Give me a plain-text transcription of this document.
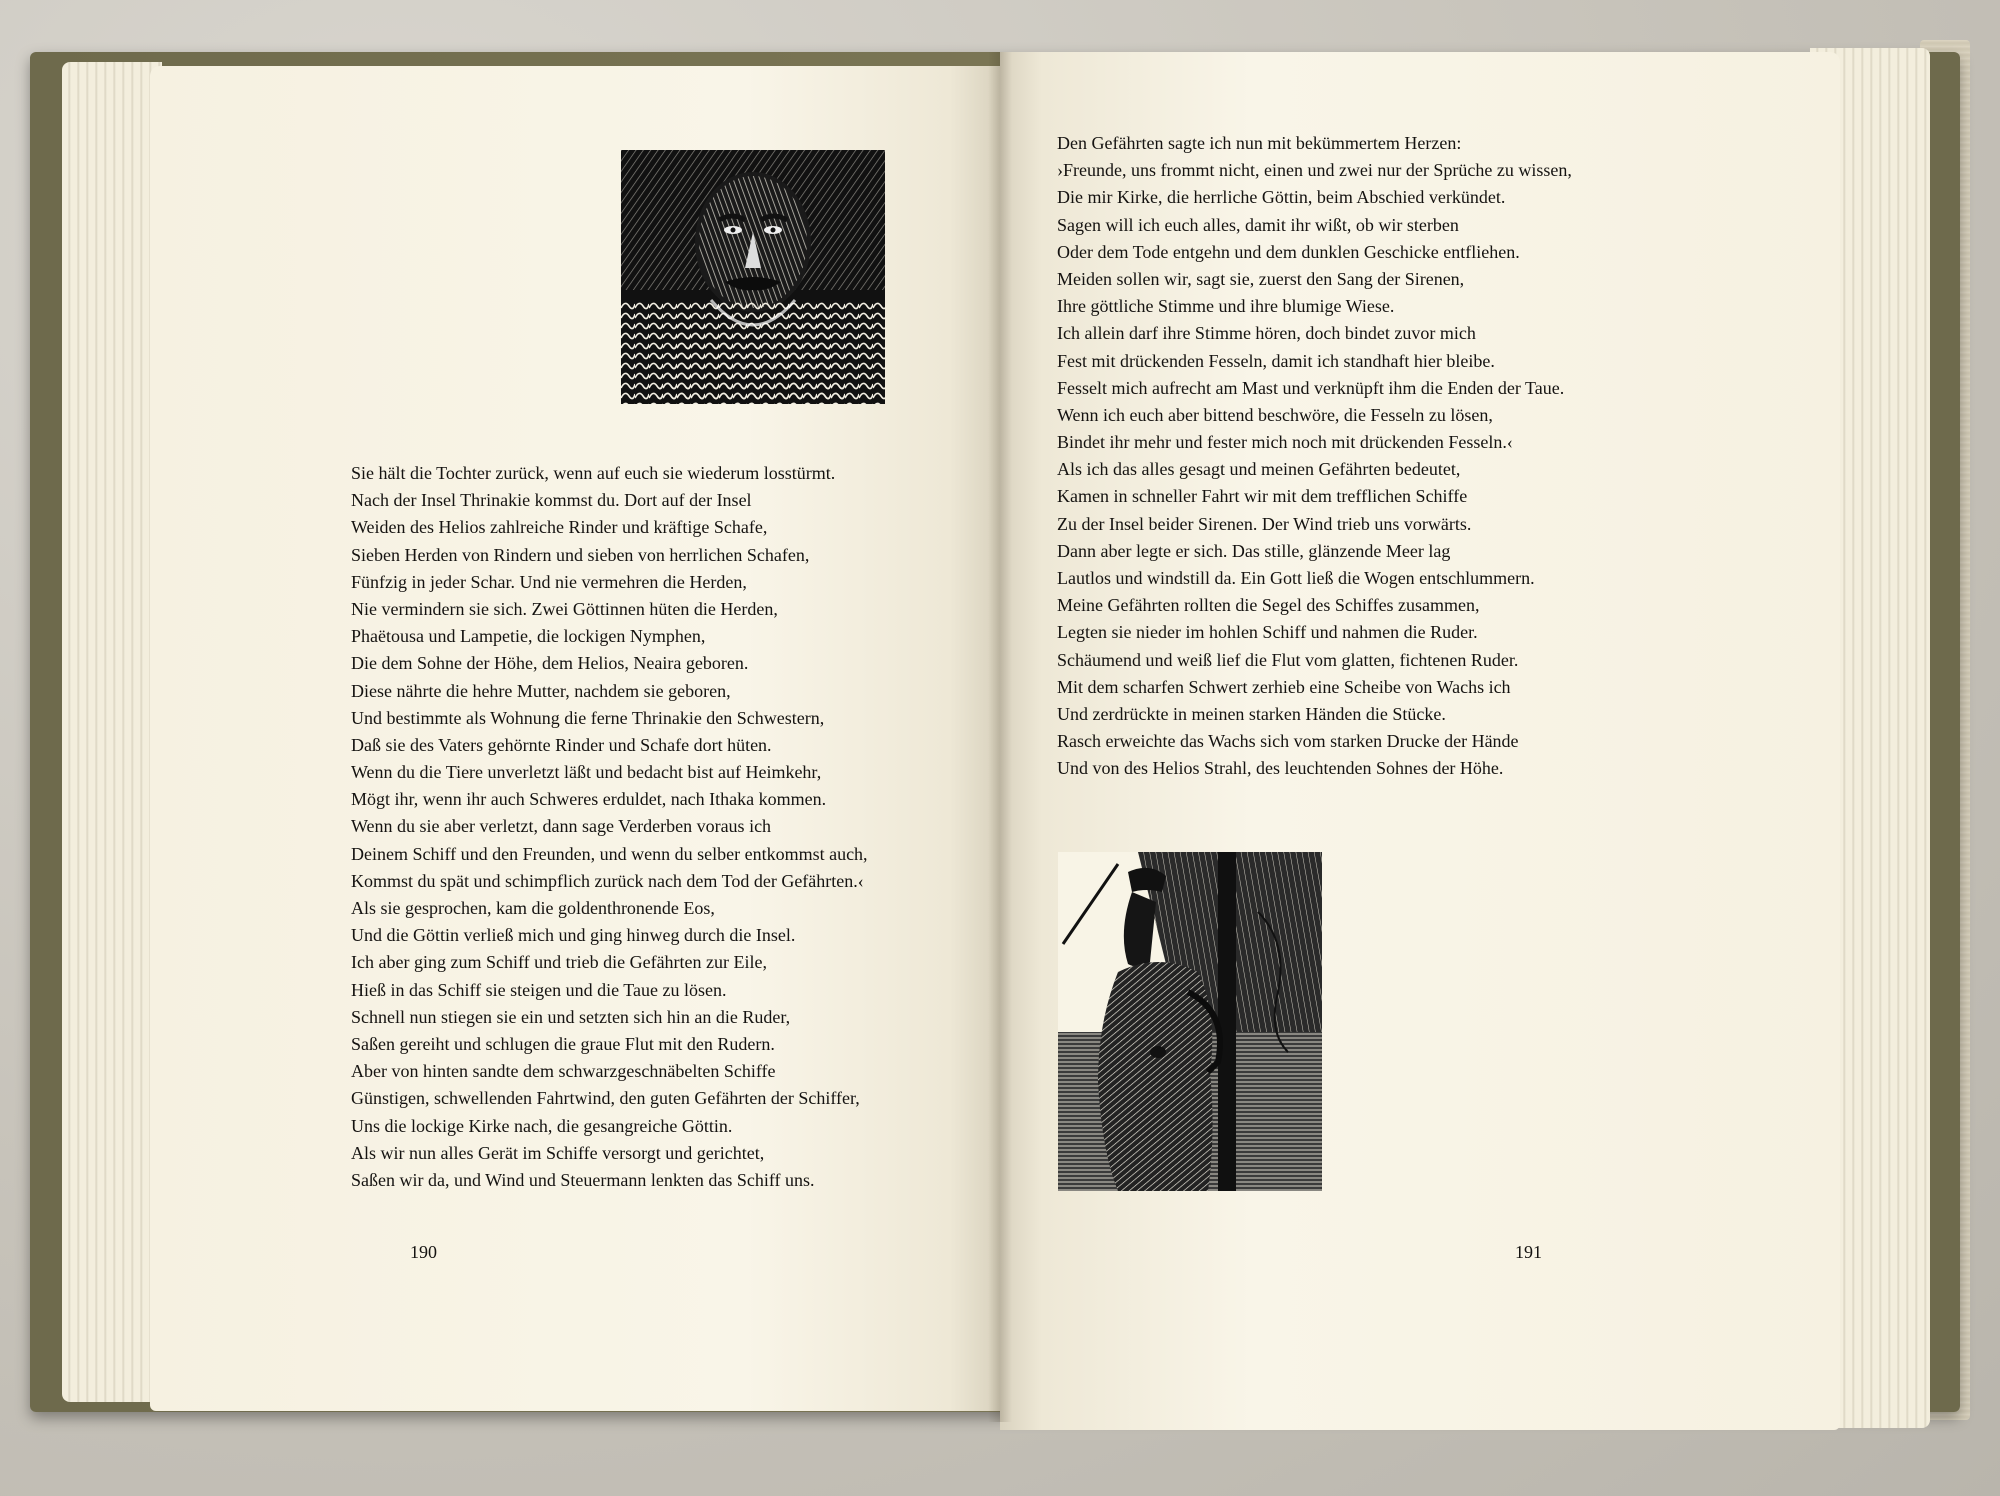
Sie hält die Tochter zurück, wenn auf euch sie wiederum losstürmt.
Nach der Insel Thrinakie kommst du. Dort auf der Insel
Weiden des Helios zahlreiche Rinder und kräftige Schafe,
Sieben Herden von Rindern und sieben von herrlichen Schafen,
Fünfzig in jeder Schar. Und nie vermehren die Herden,
Nie vermindern sie sich. Zwei Göttinnen hüten die Herden,
Phaëtousa und Lampetie, die lockigen Nymphen,
Die dem Sohne der Höhe, dem Helios, Neaira geboren.
Diese nährte die hehre Mutter, nachdem sie geboren,
Und bestimmte als Wohnung die ferne Thrinakie den Schwestern,
Daß sie des Vaters gehörnte Rinder und Schafe dort hüten.
Wenn du die Tiere unverletzt läßt und bedacht bist auf Heimkehr,
Mögt ihr, wenn ihr auch Schweres erduldet, nach Ithaka kommen.
Wenn du sie aber verletzt, dann sage Verderben voraus ich
Deinem Schiff und den Freunden, und wenn du selber entkommst auch,
Kommst du spät und schimpflich zurück nach dem Tod der Gefährten.‹
Als sie gesprochen, kam die goldenthronende Eos,
Und die Göttin verließ mich und ging hinweg durch die Insel.
Ich aber ging zum Schiff und trieb die Gefährten zur Eile,
Hieß in das Schiff sie steigen und die Taue zu lösen.
Schnell nun stiegen sie ein und setzten sich hin an die Ruder,
Saßen gereiht und schlugen die graue Flut mit den Rudern.
Aber von hinten sandte dem schwarzgeschnäbelten Schiffe
Günstigen, schwellenden Fahrtwind, den guten Gefährten der Schiffer,
Uns die lockige Kirke nach, die gesangreiche Göttin.
Als wir nun alles Gerät im Schiffe versorgt und gerichtet,
Saßen wir da, und Wind und Steuermann lenkten das Schiff uns.
190
Den Gefährten sagte ich nun mit bekümmertem Herzen:
›Freunde, uns frommt nicht, einen und zwei nur der Sprüche zu wissen,
Die mir Kirke, die herrliche Göttin, beim Abschied verkündet.
Sagen will ich euch alles, damit ihr wißt, ob wir sterben
Oder dem Tode entgehn und dem dunklen Geschicke entfliehen.
Meiden sollen wir, sagt sie, zuerst den Sang der Sirenen,
Ihre göttliche Stimme und ihre blumige Wiese.
Ich allein darf ihre Stimme hören, doch bindet zuvor mich
Fest mit drückenden Fesseln, damit ich standhaft hier bleibe.
Fesselt mich aufrecht am Mast und verknüpft ihm die Enden der Taue.
Wenn ich euch aber bittend beschwöre, die Fesseln zu lösen,
Bindet ihr mehr und fester mich noch mit drückenden Fesseln.‹
Als ich das alles gesagt und meinen Gefährten bedeutet,
Kamen in schneller Fahrt wir mit dem trefflichen Schiffe
Zu der Insel beider Sirenen. Der Wind trieb uns vorwärts.
Dann aber legte er sich. Das stille, glänzende Meer lag
Lautlos und windstill da. Ein Gott ließ die Wogen entschlummern.
Meine Gefährten rollten die Segel des Schiffes zusammen,
Legten sie nieder im hohlen Schiff und nahmen die Ruder.
Schäumend und weiß lief die Flut vom glatten, fichtenen Ruder.
Mit dem scharfen Schwert zerhieb eine Scheibe von Wachs ich
Und zerdrückte in meinen starken Händen die Stücke.
Rasch erweichte das Wachs sich vom starken Drucke der Hände
Und von des Helios Strahl, des leuchtenden Sohnes der Höhe.
191
